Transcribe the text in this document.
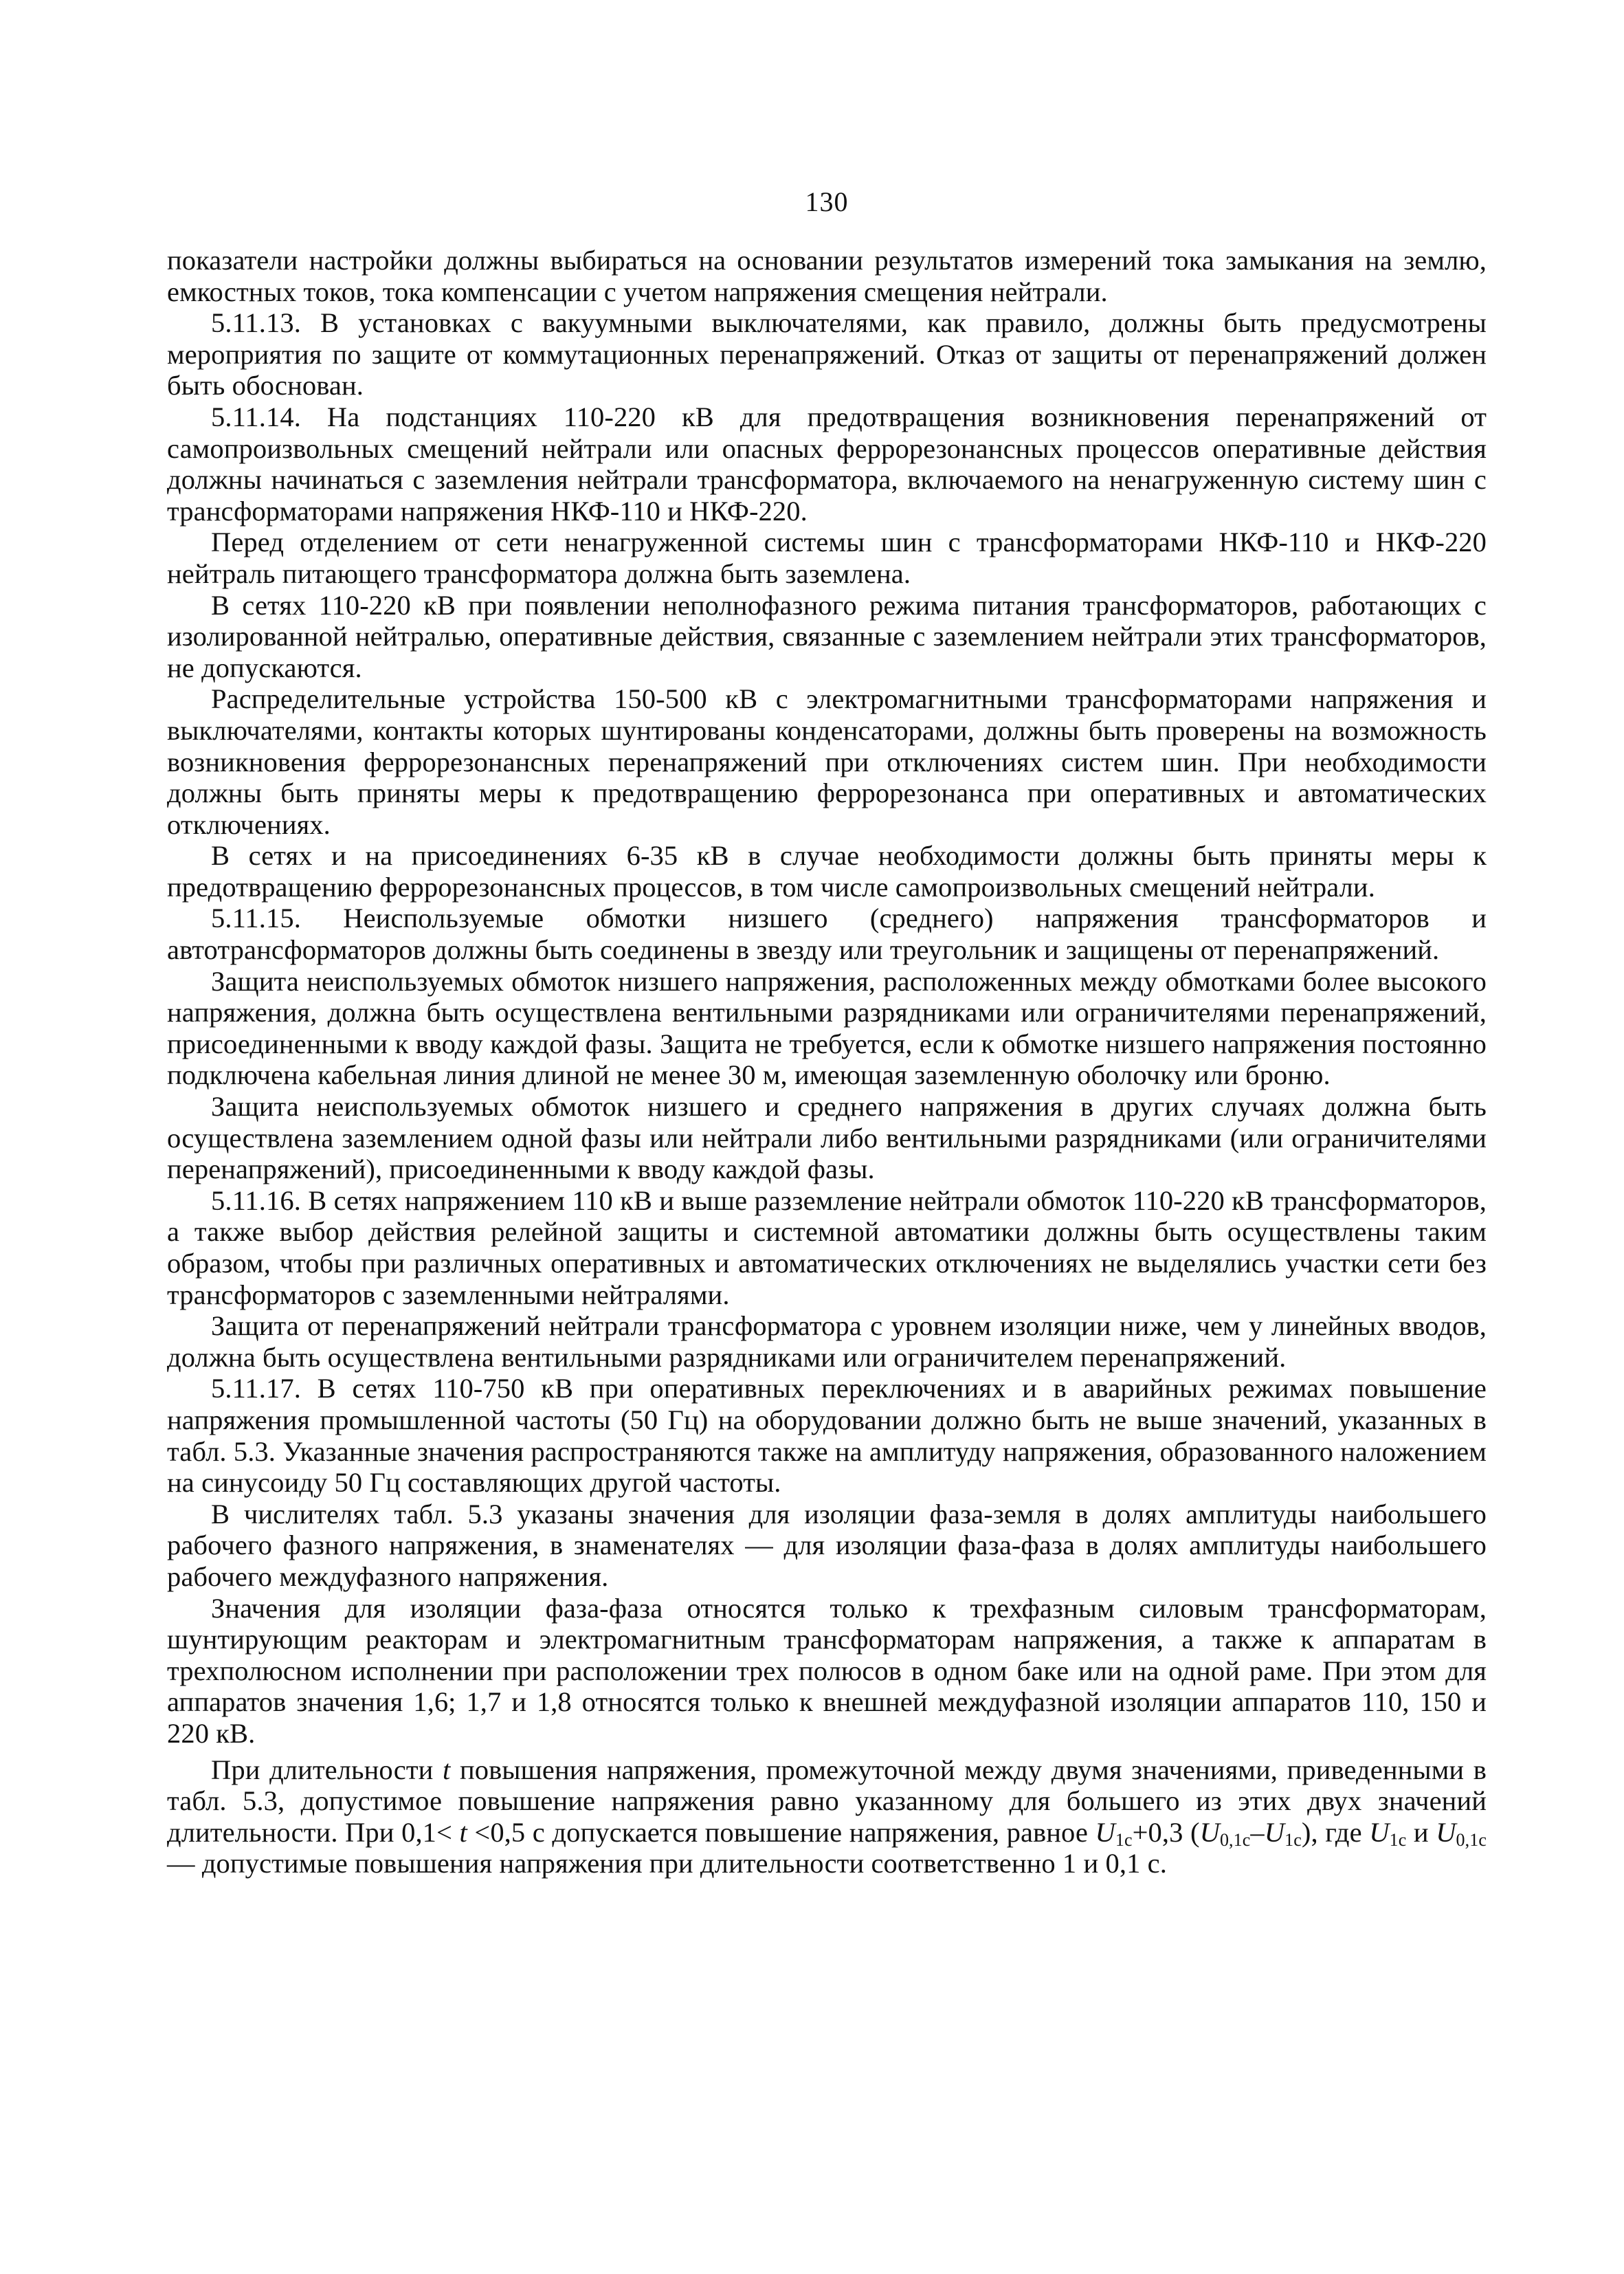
130

показатели настройки должны выбираться на основании результатов измерений тока замыкания на землю, емкостных токов, тока компенсации с учетом напряжения смещения нейтрали.

5.11.13. В установках с вакуумными выключателями, как правило, должны быть предусмотрены мероприятия по защите от коммутационных перенапряжений. Отказ от защиты от перенапряжений должен быть обоснован.

5.11.14. На подстанциях 110-220 кВ для предотвращения возникновения перенапряжений от самопроизвольных смещений нейтрали или опасных феррорезонансных процессов оперативные действия должны начинаться с заземления нейтрали трансформатора, включаемого на ненагруженную систему шин с трансформаторами напряжения НКФ-110 и НКФ-220.

Перед отделением от сети ненагруженной системы шин с трансформаторами НКФ-110 и НКФ-220 нейтраль питающего трансформатора должна быть заземлена.

В сетях 110-220 кВ при появлении неполнофазного режима питания трансформаторов, работающих с изолированной нейтралью, оперативные действия, связанные с заземлением нейтрали этих трансформаторов, не допускаются.

Распределительные устройства 150-500 кВ с электромагнитными трансформаторами напряжения и выключателями, контакты которых шунтированы конденсаторами, должны быть проверены на возможность возникновения феррорезонансных перенапряжений при отключениях систем шин. При необходимости должны быть приняты меры к предотвращению феррорезонанса при оперативных и автоматических отключениях.

В сетях и на присоединениях 6-35 кВ в случае необходимости должны быть приняты меры к предотвращению феррорезонансных процессов, в том числе самопроизвольных смещений нейтрали.

5.11.15. Неиспользуемые обмотки низшего (среднего) напряжения трансформаторов и автотрансформаторов должны быть соединены в звезду или треугольник и защищены от перенапряжений.

Защита неиспользуемых обмоток низшего напряжения, расположенных между обмотками более высокого напряжения, должна быть осуществлена вентильными разрядниками или ограничителями перенапряжений, присоединенными к вводу каждой фазы. Защита не требуется, если к обмотке низшего напряжения постоянно подключена кабельная линия длиной не менее 30 м, имеющая заземленную оболочку или броню.

Защита неиспользуемых обмоток низшего и среднего напряжения в других случаях должна быть осуществлена заземлением одной фазы или нейтрали либо вентильными разрядниками (или ограничителями перенапряжений), присоединенными к вводу каждой фазы.

5.11.16. В сетях напряжением 110 кВ и выше разземление нейтрали обмоток 110-220 кВ трансформаторов, а также выбор действия релейной защиты и системной автоматики должны быть осуществлены таким образом, чтобы при различных оперативных и автоматических отключениях не выделялись участки сети без трансформаторов с заземленными нейтралями.

Защита от перенапряжений нейтрали трансформатора с уровнем изоляции ниже, чем у линейных вводов, должна быть осуществлена вентильными разрядниками или ограничителем перенапряжений.

5.11.17. В сетях 110-750 кВ при оперативных переключениях и в аварийных режимах повышение напряжения промышленной частоты (50 Гц) на оборудовании должно быть не выше значений, указанных в табл. 5.3. Указанные значения распространяются также на амплитуду напряжения, образованного наложением на синусоиду 50 Гц составляющих другой частоты.

В числителях табл. 5.3 указаны значения для изоляции фаза-земля в долях амплитуды наибольшего рабочего фазного напряжения, в знаменателях — для изоляции фаза-фаза в долях амплитуды наибольшего рабочего междуфазного напряжения.

Значения для изоляции фаза-фаза относятся только к трехфазным силовым трансформаторам, шунтирующим реакторам и электромагнитным трансформаторам напряжения, а также к аппаратам в трехполюсном исполнении при расположении трех полюсов в одном баке или на одной раме. При этом для аппаратов значения 1,6; 1,7 и 1,8 относятся только к внешней междуфазной изоляции аппаратов 110, 150 и 220 кВ.

При длительности t повышения напряжения, промежуточной между двумя значениями, приведенными в табл. 5.3, допустимое повышение напряжения равно указанному для большего из этих двух значений длительности. При 0,1< t <0,5 с допускается повышение напряжения, равное $U_{1c}+0,3$ $(U_{0,1c}-U_{1c})$, где $U_{1c}$ и $U_{0,1c}$ — допустимые повышения напряжения при длительности соответственно 1 и 0,1 с.
